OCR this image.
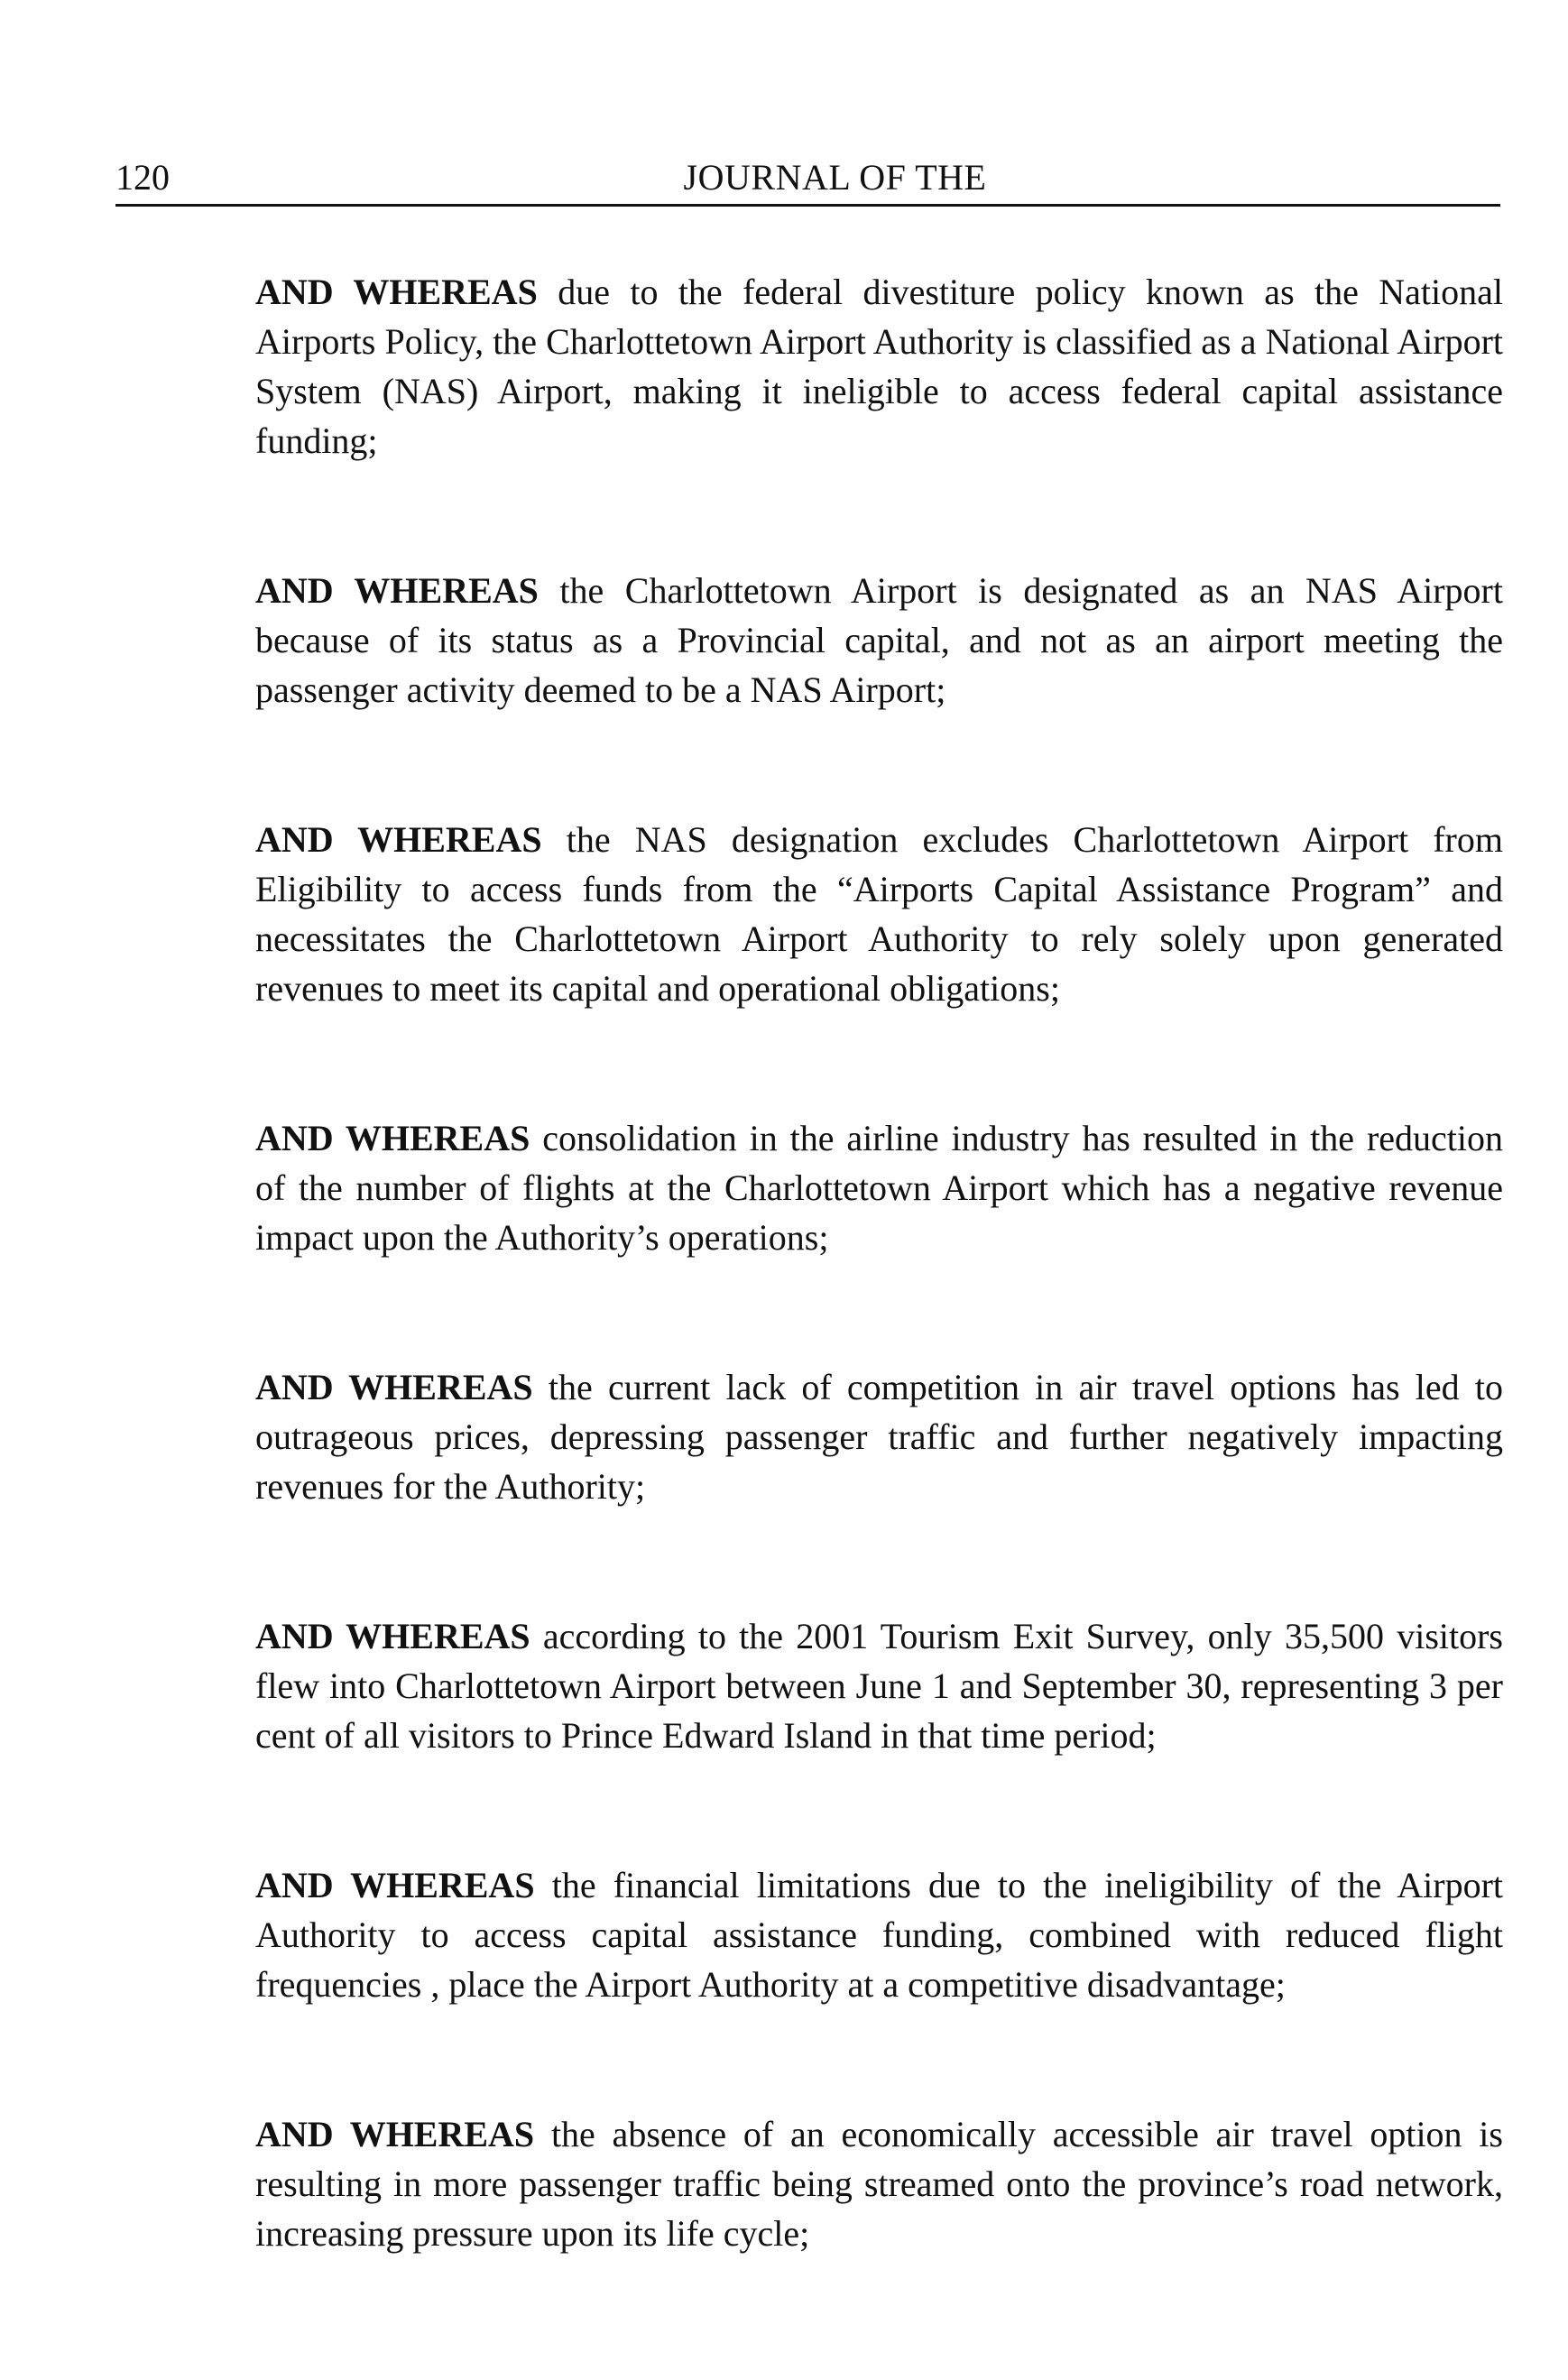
120	JOURNAL OF THE

AND WHEREAS due to the federal divestiture policy known as the National Airports Policy, the Charlottetown Airport Authority is classified as a National Airport System (NAS) Airport, making it ineligible to access federal capital assistance funding;

AND WHEREAS the Charlottetown Airport is designated as an NAS Airport because of its status as a Provincial capital, and not as an airport meeting the passenger activity deemed to be a NAS Airport;

AND WHEREAS the NAS designation excludes Charlottetown Airport from Eligibility to access funds from the “Airports Capital Assistance Program” and necessitates the Charlottetown Airport Authority to rely solely upon generated revenues to meet its capital and operational obligations;

AND WHEREAS consolidation in the airline industry has resulted in the reduction of the number of flights at the Charlottetown Airport which has a negative revenue impact upon the Authority’s operations;

AND WHEREAS the current lack of competition in air travel options has led to outrageous prices, depressing passenger traffic and further negatively impacting revenues for the Authority;

AND WHEREAS according to the 2001 Tourism Exit Survey, only 35,500 visitors flew into Charlottetown Airport between June 1 and September 30, representing 3 per cent of all visitors to Prince Edward Island in that time period;

AND WHEREAS the financial limitations due to the ineligibility of the Airport Authority to access capital assistance funding, combined with reduced flight frequencies , place the Airport Authority at a competitive disadvantage;

AND WHEREAS the absence of an economically accessible air travel option is resulting in more passenger traffic being streamed onto the province’s road network, increasing pressure upon its life cycle;
